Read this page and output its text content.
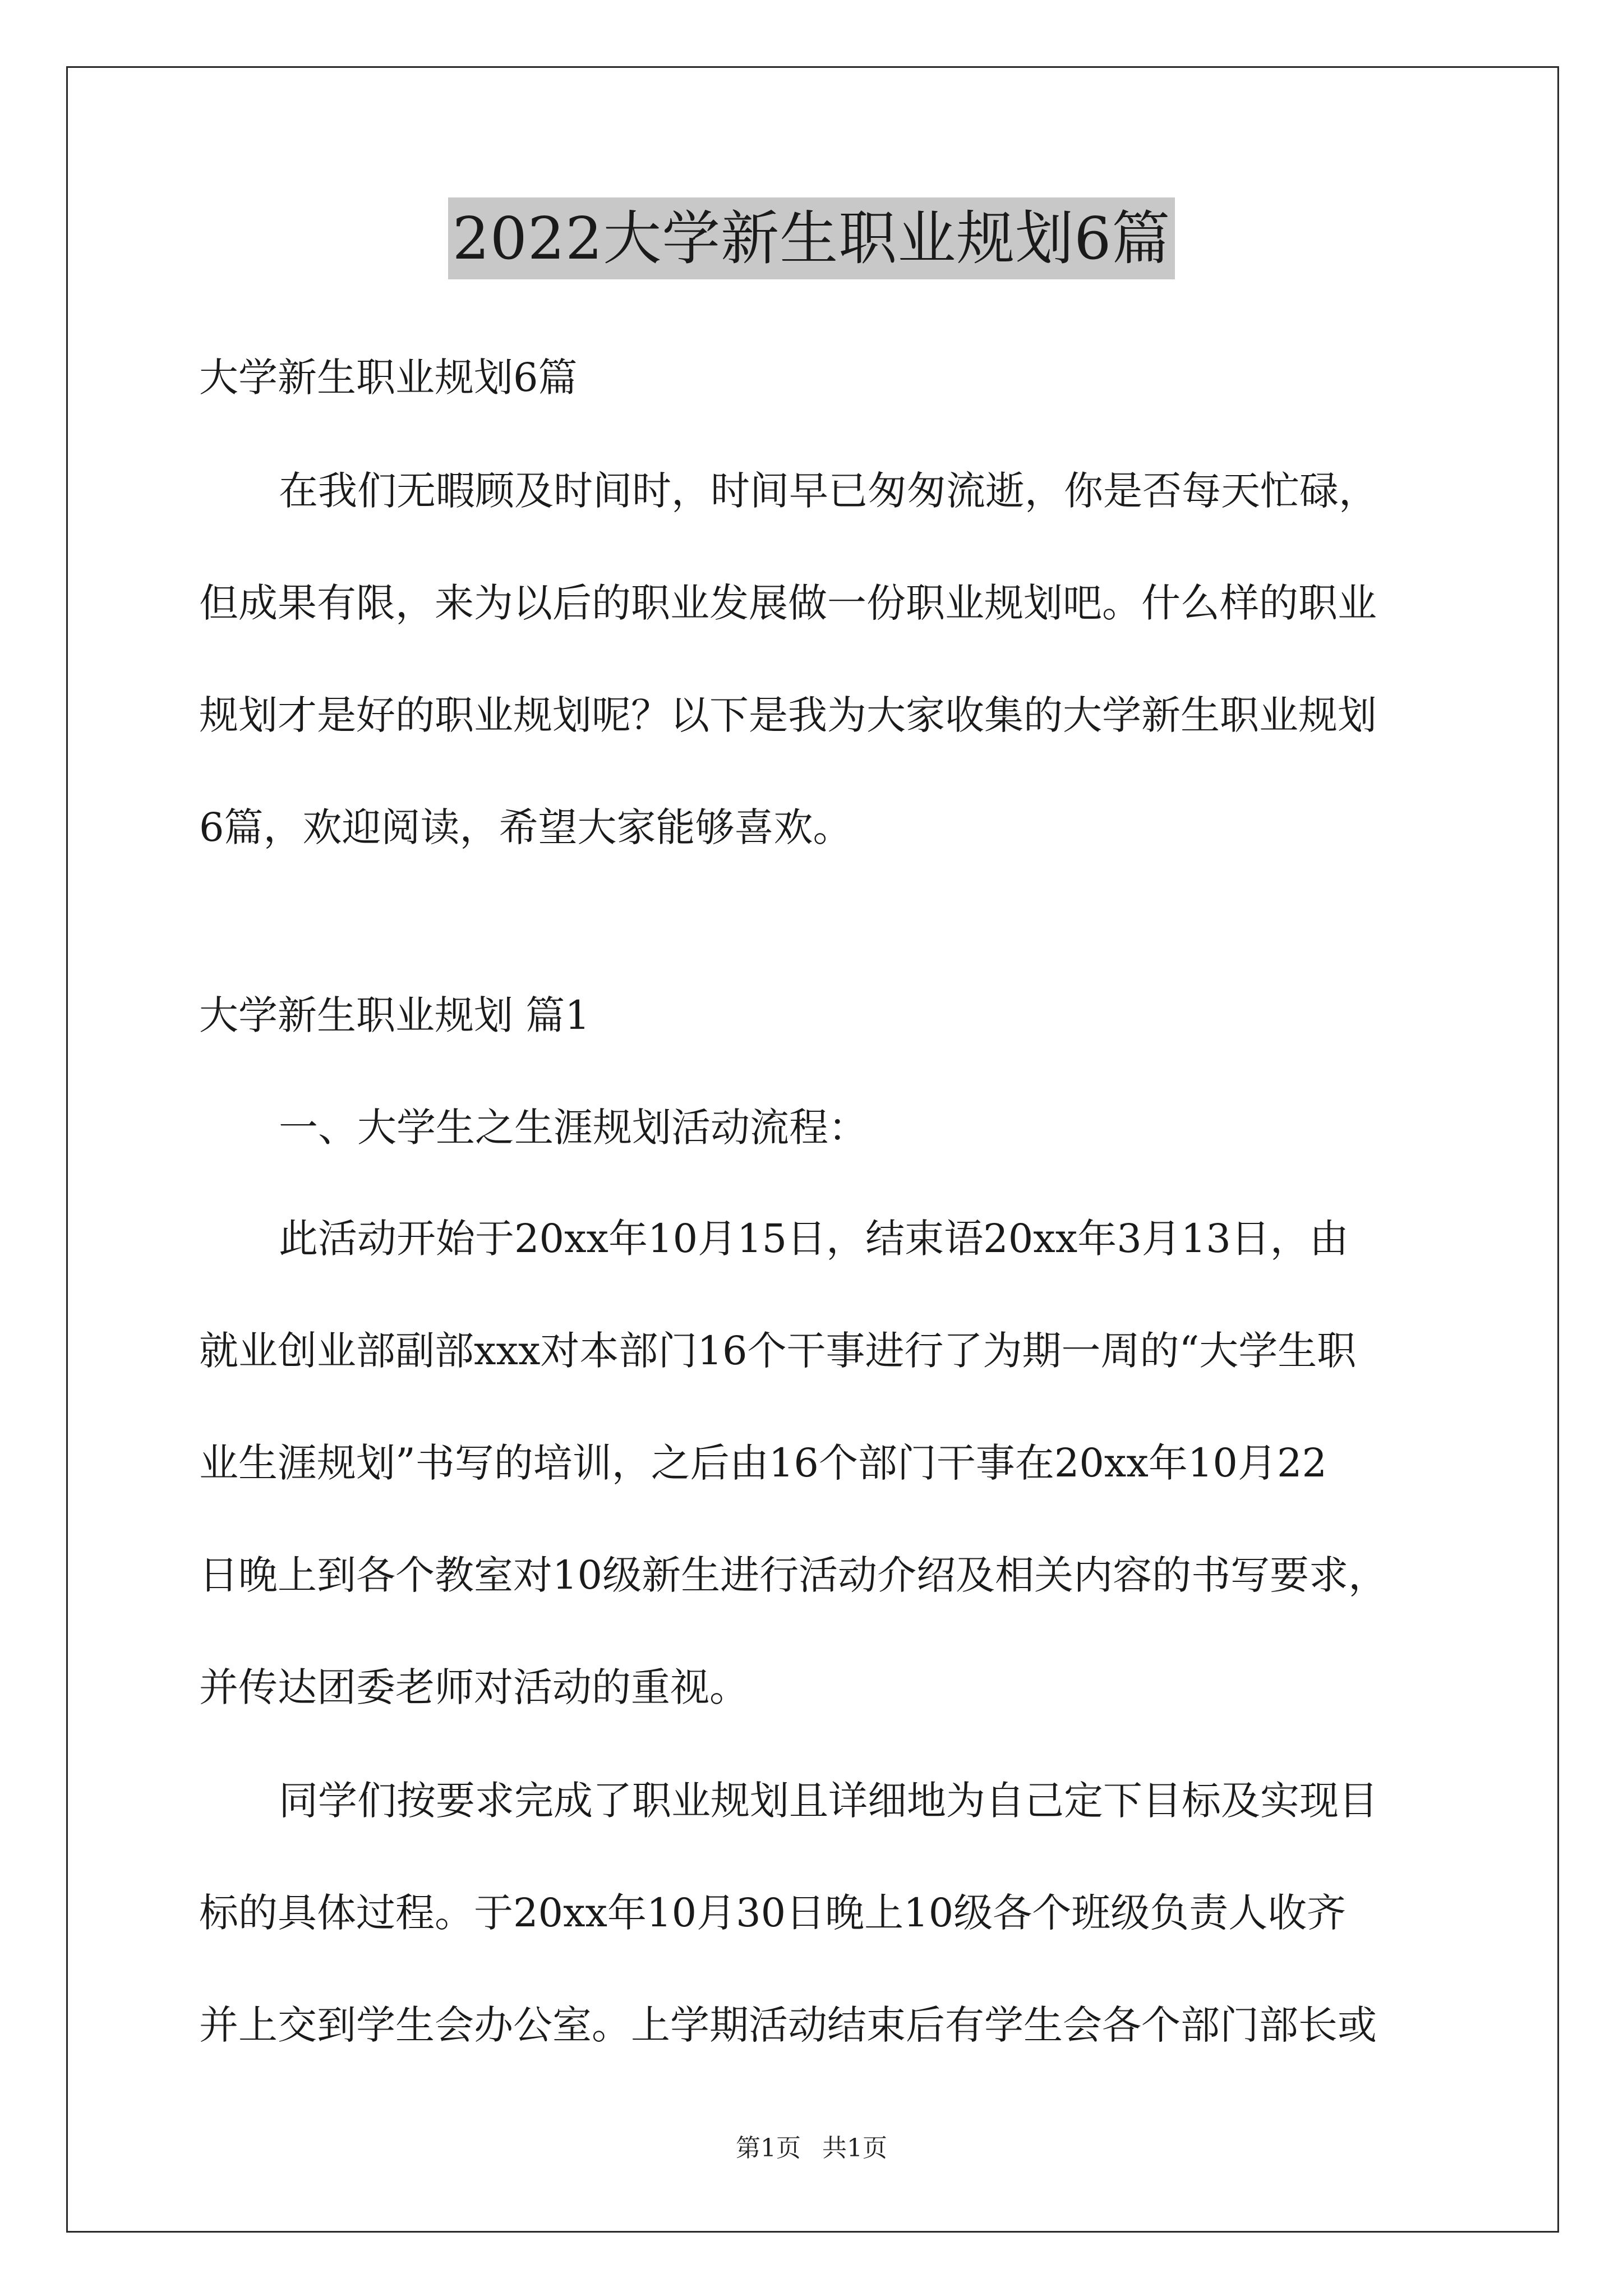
2022大学新生职业规划6篇
大学新生职业规划6篇
在我们无暇顾及时间时，时间早已匆匆流逝，你是否每天忙碌，
但成果有限，来为以后的职业发展做一份职业规划吧。什么样的职业
规划才是好的职业规划呢？以下是我为大家收集的大学新生职业规划
6篇，欢迎阅读，希望大家能够喜欢。
大学新生职业规划 篇1
一、大学生之生涯规划活动流程：
此活动开始于20xx年10月15日，结束语20xx年3月13日，由
就业创业部副部xxx对本部门16个干事进行了为期一周的“大学生职
业生涯规划”书写的培训，之后由16个部门干事在20xx年10月22
日晚上到各个教室对10级新生进行活动介绍及相关内容的书写要求，
并传达团委老师对活动的重视。
同学们按要求完成了职业规划且详细地为自己定下目标及实现目
标的具体过程。于20xx年10月30日晚上10级各个班级负责人收齐
并上交到学生会办公室。上学期活动结束后有学生会各个部门部长或
第1页 共1页
